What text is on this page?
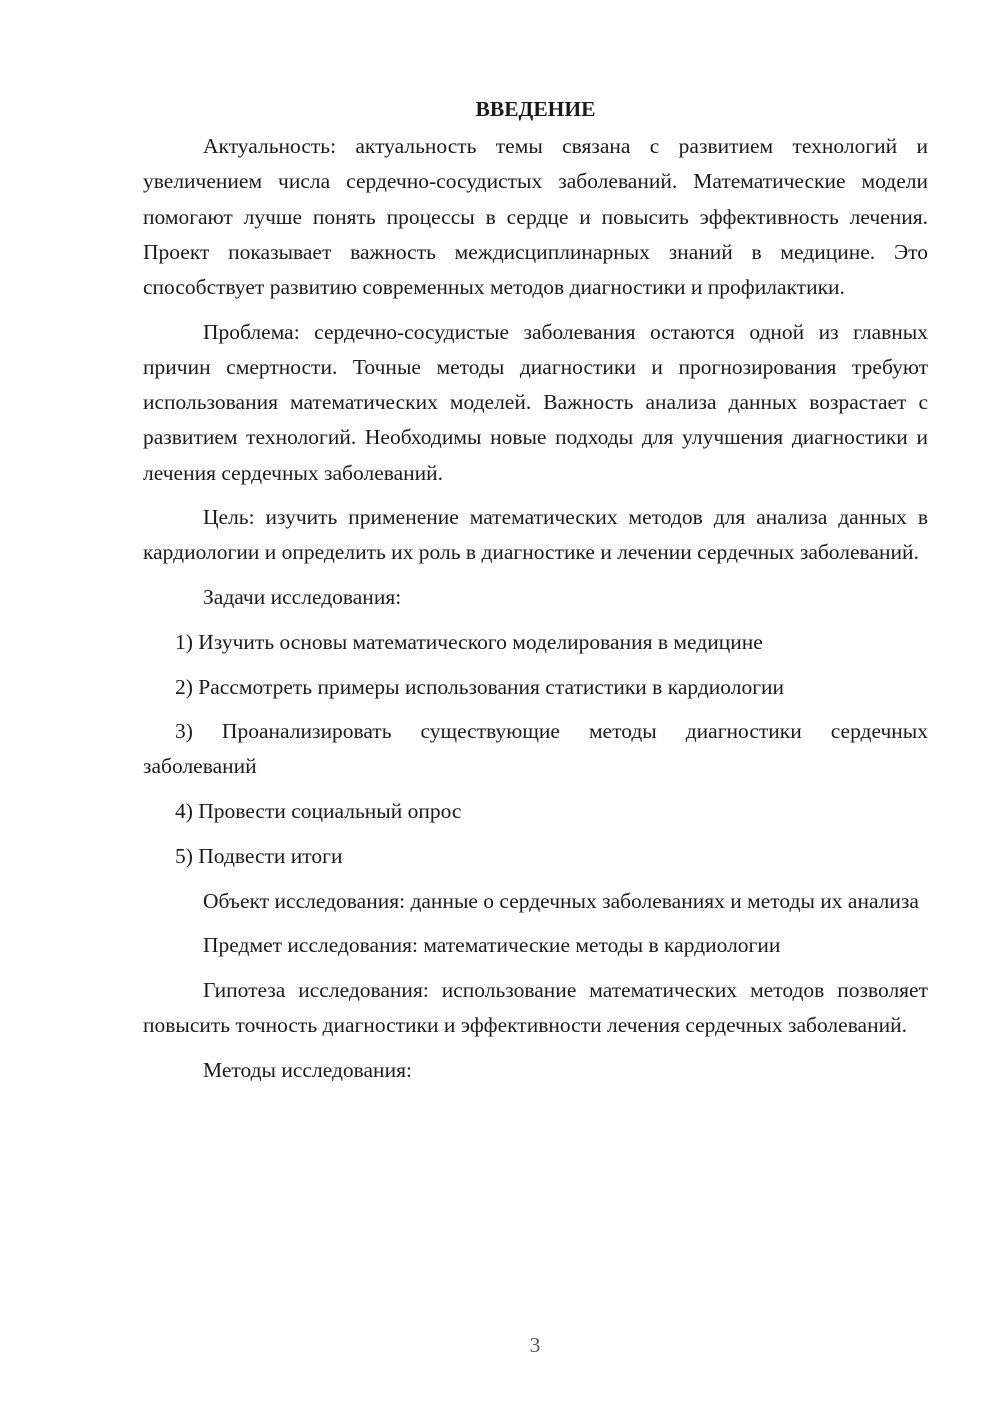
ВВЕДЕНИЕ

Актуальность: актуальность темы связана с развитием технологий и увеличением числа сердечно-сосудистых заболеваний. Математические модели помогают лучше понять процессы в сердце и повысить эффективность лечения. Проект показывает важность междисциплинарных знаний в медицине. Это способствует развитию современных методов диагностики и профилактики.

Проблема: сердечно-сосудистые заболевания остаются одной из главных причин смертности. Точные методы диагностики и прогнозирования требуют использования математических моделей. Важность анализа данных возрастает с развитием технологий. Необходимы новые подходы для улучшения диагностики и лечения сердечных заболеваний.

Цель: изучить применение математических методов для анализа данных в кардиологии и определить их роль в диагностике и лечении сердечных заболеваний.

Задачи исследования:

1) Изучить основы математического моделирования в медицине

2) Рассмотреть примеры использования статистики в кардиологии

3) Проанализировать существующие методы диагностики сердечных заболеваний

4) Провести социальный опрос

5) Подвести итоги

Объект исследования: данные о сердечных заболеваниях и методы их анализа

Предмет исследования: математические методы в кардиологии

Гипотеза исследования: использование математических методов позволяет повысить точность диагностики и эффективности лечения сердечных заболеваний.

Методы исследования:

3
